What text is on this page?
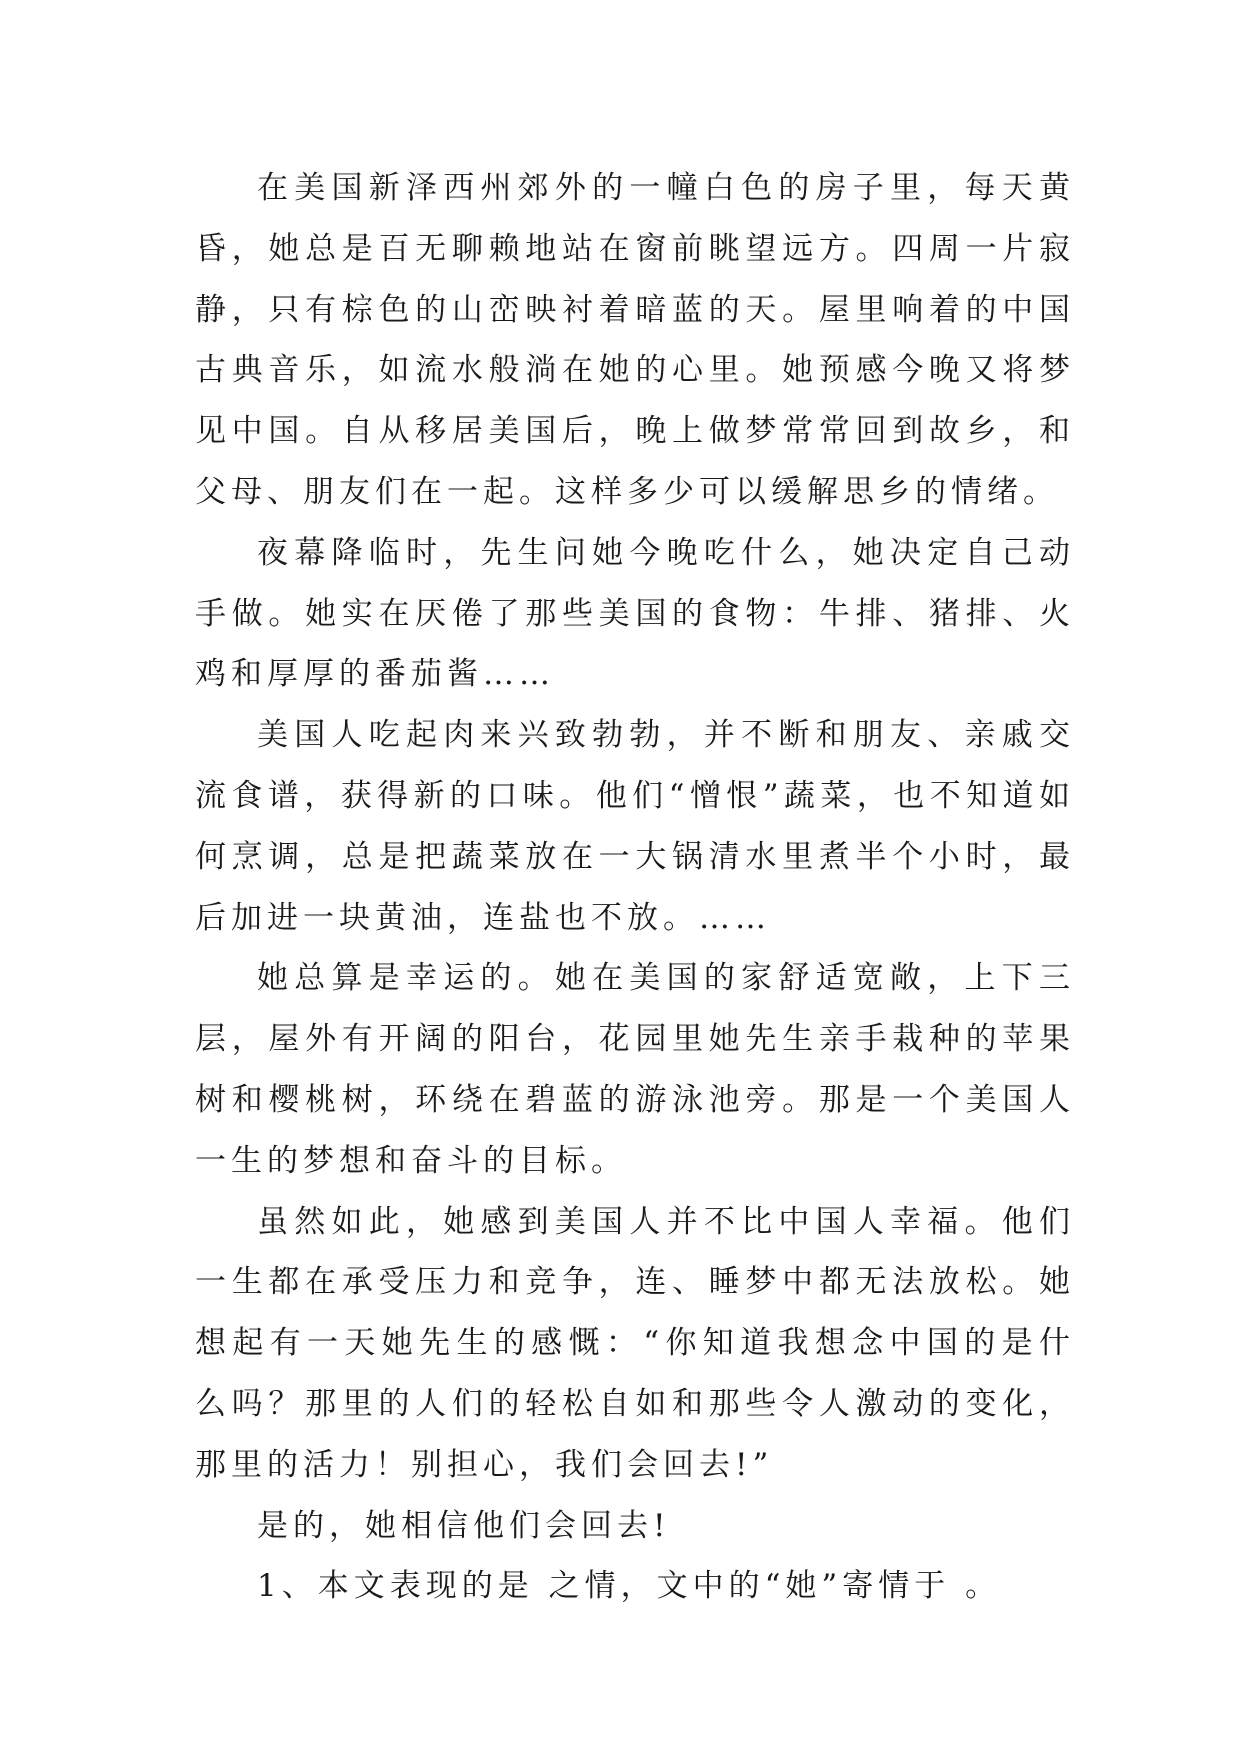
在美国新泽西州郊外的一幢白色的房子里，每天黄昏，她总是百无聊赖地站在窗前眺望远方。四周一片寂静，只有棕色的山峦映衬着暗蓝的天。屋里响着的中国古典音乐，如流水般淌在她的心里。她预感今晚又将梦见中国。自从移居美国后，晚上做梦常常回到故乡，和父母、朋友们在一起。这样多少可以缓解思乡的情绪。

夜幕降临时，先生问她今晚吃什么，她决定自己动手做。她实在厌倦了那些美国的食物：牛排、猪排、火鸡和厚厚的番茄酱……

美国人吃起肉来兴致勃勃，并不断和朋友、亲戚交流食谱，获得新的口味。他们“憎恨”蔬菜，也不知道如何烹调，总是把蔬菜放在一大锅清水里煮半个小时，最后加进一块黄油，连盐也不放。……

她总算是幸运的。她在美国的家舒适宽敞，上下三层，屋外有开阔的阳台，花园里她先生亲手栽种的苹果树和樱桃树，环绕在碧蓝的游泳池旁。那是一个美国人一生的梦想和奋斗的目标。

虽然如此，她感到美国人并不比中国人幸福。他们一生都在承受压力和竞争，连、睡梦中都无法放松。她想起有一天她先生的感慨：“你知道我想念中国的是什么吗？那里的人们的轻松自如和那些令人激动的变化，那里的活力！别担心，我们会回去!”

是的，她相信他们会回去!

1、本文表现的是 之情，文中的“她”寄情于 。
